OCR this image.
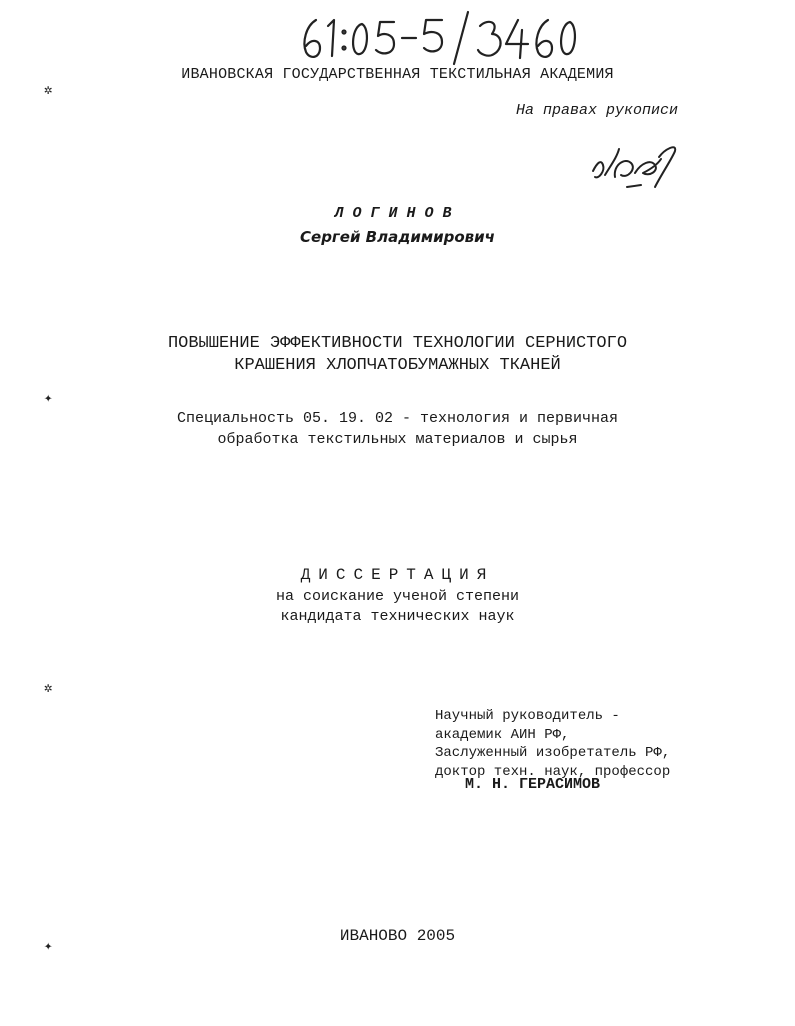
ИВАНОВСКАЯ ГОСУДАРСТВЕННАЯ ТЕКСТИЛЬНАЯ АКАДЕМИЯ
На правах рукописи
ЛОГИНОВ
Сергей Владимирович
ПОВЫШЕНИЕ ЭФФЕКТИВНОСТИ ТЕХНОЛОГИИ СЕРНИСТОГО
КРАШЕНИЯ ХЛОПЧАТОБУМАЖНЫХ ТКАНЕЙ
Специальность 05. 19. 02 - технология и первичная
обработка текстильных материалов и сырья
ДИССЕРТАЦИЯ
на соискание ученой степени
кандидата технических наук
Научный руководитель -
академик АИН РФ,
Заслуженный изобретатель РФ,
доктор техн. наук, профессор
М. Н. ГЕРАСИМОВ
ИВАНОВО 2005
✲
✦
✲
✦
